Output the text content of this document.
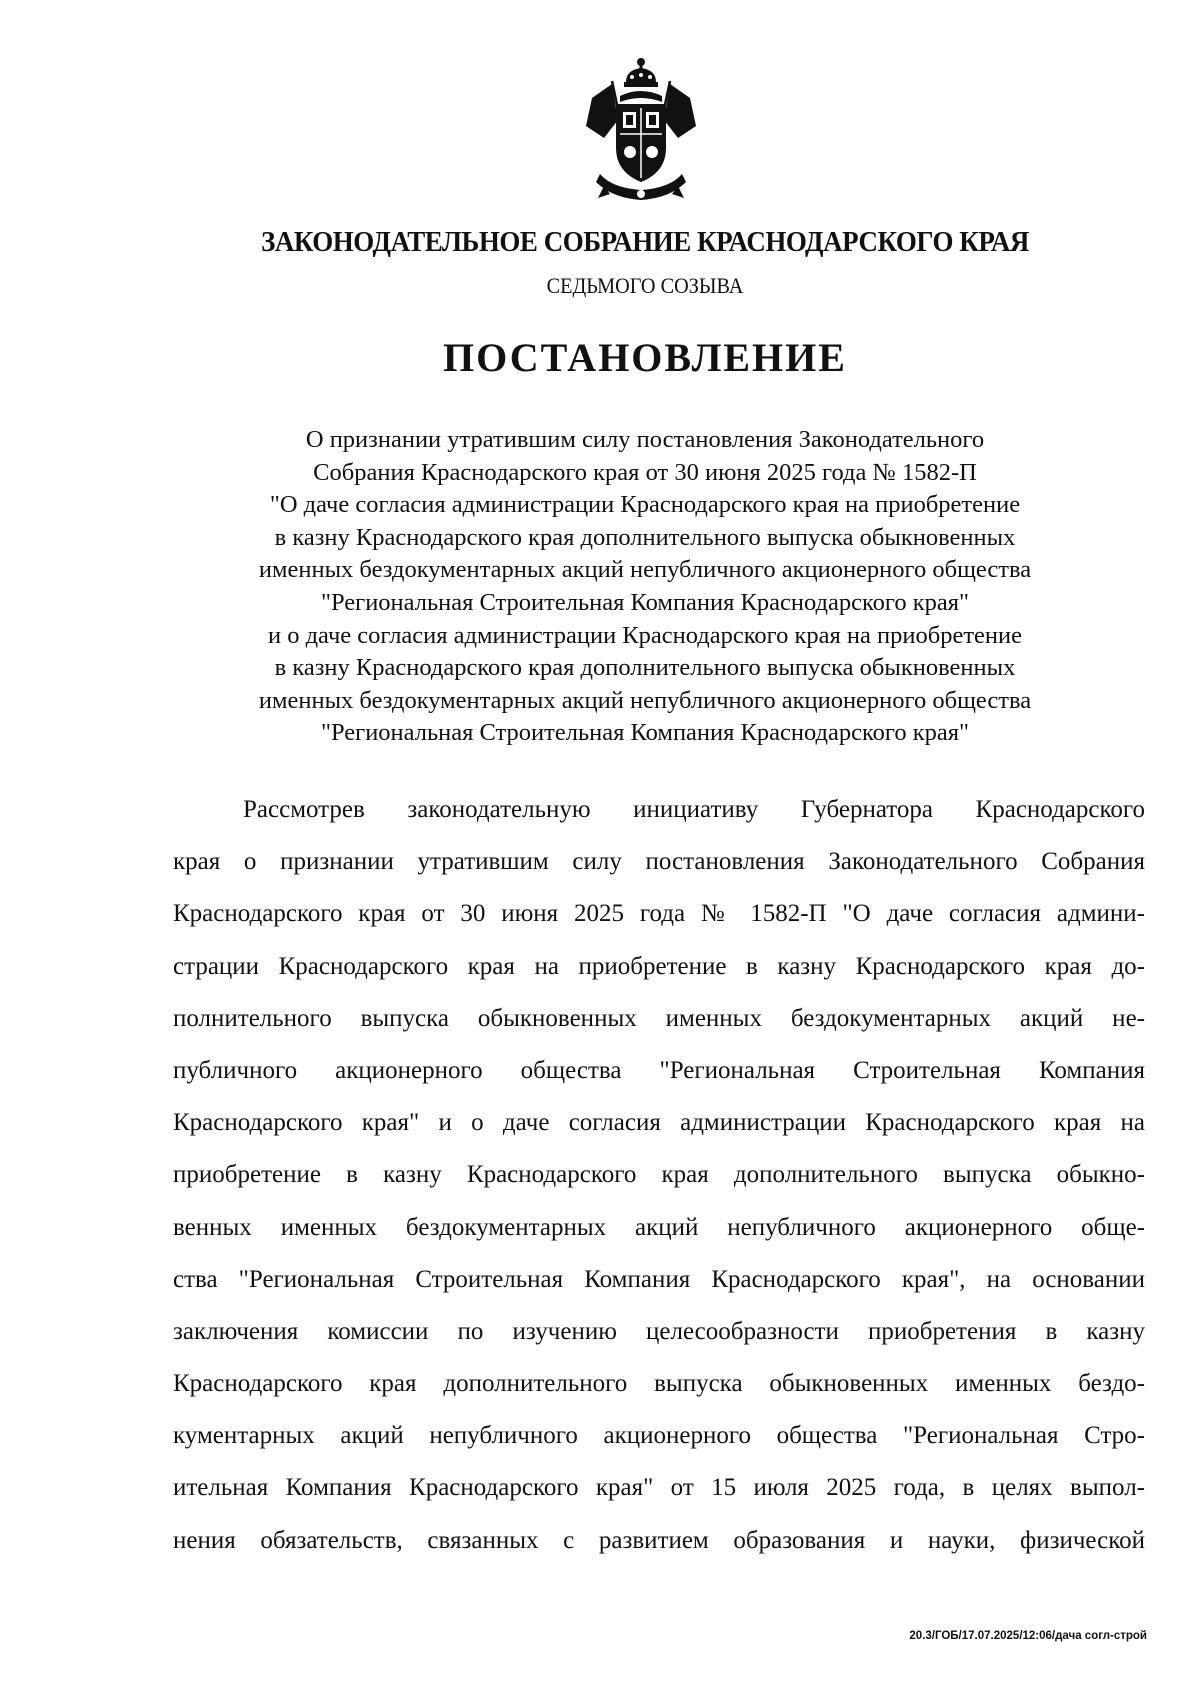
ЗАКОНОДАТЕЛЬНОЕ СОБРАНИЕ КРАСНОДАРСКОГО КРАЯ
СЕДЬМОГО СОЗЫВА
ПОСТАНОВЛЕНИЕ
О признании утратившим силу постановления Законодательного
Собрания Краснодарского края от 30 июня 2025 года № 1582-П
"О даче согласия администрации Краснодарского края на приобретение
в казну Краснодарского края дополнительного выпуска обыкновенных
именных бездокументарных акций непубличного акционерного общества
"Региональная Строительная Компания Краснодарского края"
и о даче согласия администрации Краснодарского края на приобретение
в казну Краснодарского края дополнительного выпуска обыкновенных
именных бездокументарных акций непубличного акционерного общества
"Региональная Строительная Компания Краснодарского края"
Рассмотрев законодательную инициативу Губернатора Краснодарского
края о признании утратившим силу постановления Законодательного Собрания
Краснодарского края от 30 июня 2025 года № 1582-П "О даче согласия админи-
страции Краснодарского края на приобретение в казну Краснодарского края до-
полнительного выпуска обыкновенных именных бездокументарных акций не-
публичного акционерного общества "Региональная Строительная Компания
Краснодарского края" и о даче согласия администрации Краснодарского края на
приобретение в казну Краснодарского края дополнительного выпуска обыкно-
венных именных бездокументарных акций непубличного акционерного обще-
ства "Региональная Строительная Компания Краснодарского края", на основании
заключения комиссии по изучению целесообразности приобретения в казну
Краснодарского края дополнительного выпуска обыкновенных именных бездо-
кументарных акций непубличного акционерного общества "Региональная Стро-
ительная Компания Краснодарского края" от 15 июля 2025 года, в целях выпол-
нения обязательств, связанных с развитием образования и науки, физической
20.3/ГОБ/17.07.2025/12:06/дача согл-строй
